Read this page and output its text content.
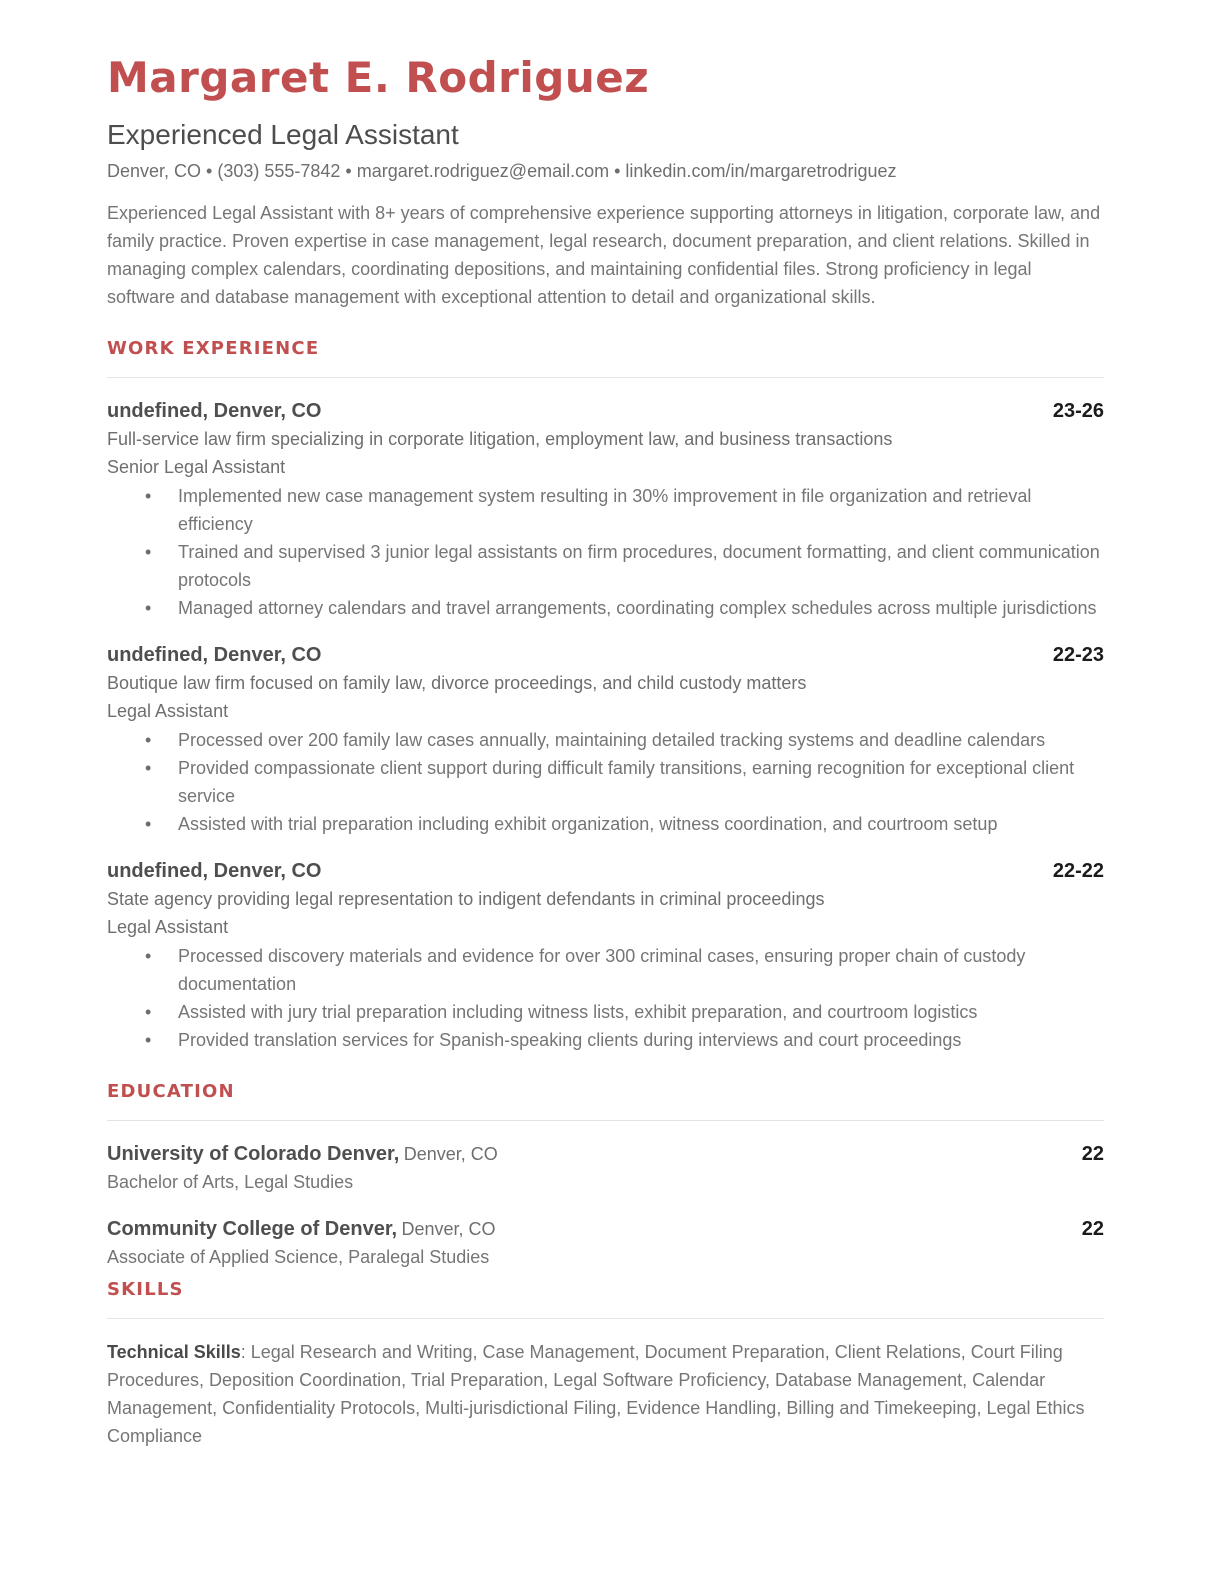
Margaret E. Rodriguez
Experienced Legal Assistant
Denver, CO • (303) 555-7842 • margaret.rodriguez@email.com • linkedin.com/in/margaretrodriguez

Experienced Legal Assistant with 8+ years of comprehensive experience supporting attorneys in litigation, corporate law, and family practice. Proven expertise in case management, legal research, document preparation, and client relations. Skilled in managing complex calendars, coordinating depositions, and maintaining confidential files. Strong proficiency in legal software and database management with exceptional attention to detail and organizational skills.

WORK EXPERIENCE
undefined, Denver, CO	23-26
Full-service law firm specializing in corporate litigation, employment law, and business transactions
Senior Legal Assistant
• Implemented new case management system resulting in 30% improvement in file organization and retrieval efficiency
• Trained and supervised 3 junior legal assistants on firm procedures, document formatting, and client communication protocols
• Managed attorney calendars and travel arrangements, coordinating complex schedules across multiple jurisdictions
undefined, Denver, CO	22-23
Boutique law firm focused on family law, divorce proceedings, and child custody matters
Legal Assistant
• Processed over 200 family law cases annually, maintaining detailed tracking systems and deadline calendars
• Provided compassionate client support during difficult family transitions, earning recognition for exceptional client service
• Assisted with trial preparation including exhibit organization, witness coordination, and courtroom setup
undefined, Denver, CO	22-22
State agency providing legal representation to indigent defendants in criminal proceedings
Legal Assistant
• Processed discovery materials and evidence for over 300 criminal cases, ensuring proper chain of custody documentation
• Assisted with jury trial preparation including witness lists, exhibit preparation, and courtroom logistics
• Provided translation services for Spanish-speaking clients during interviews and court proceedings
EDUCATION
University of Colorado Denver, Denver, CO	22
Bachelor of Arts, Legal Studies
Community College of Denver, Denver, CO	22
Associate of Applied Science, Paralegal Studies
SKILLS

Technical Skills: Legal Research and Writing, Case Management, Document Preparation, Client Relations, Court Filing Procedures, Deposition Coordination, Trial Preparation, Legal Software Proficiency, Database Management, Calendar Management, Confidentiality Protocols, Multi-jurisdictional Filing, Evidence Handling, Billing and Timekeeping, Legal Ethics Compliance
